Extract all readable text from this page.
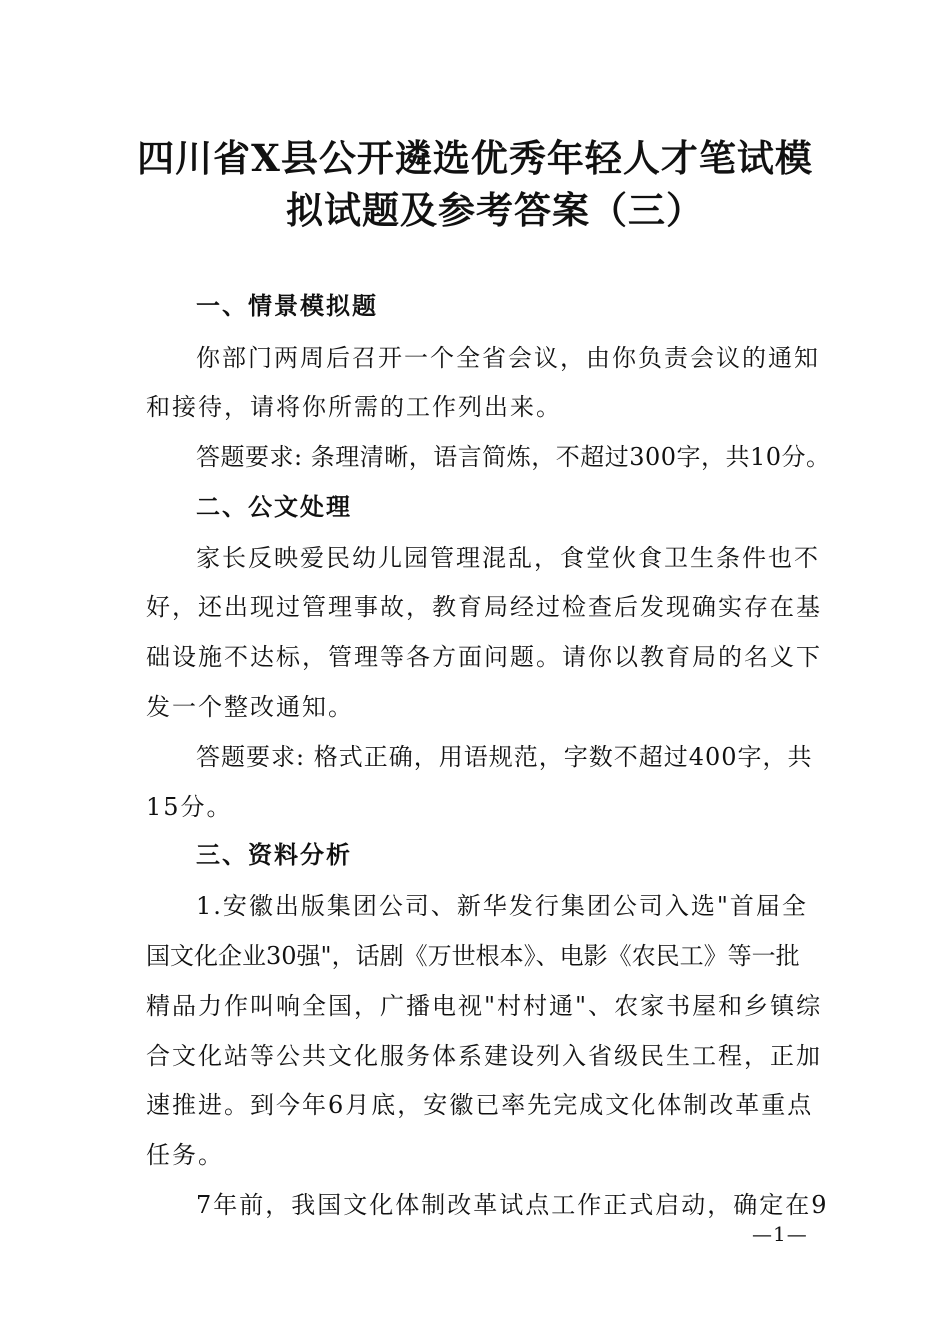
四川省X县公开遴选优秀年轻人才笔试模
拟试题及参考答案（三）
一、情景模拟题
你部门两周后召开一个全省会议，由你负责会议的通知
和接待，请将你所需的工作列出来。
答题要求: 条理清晰，语言简炼，不超过300字，共10分。
二、公文处理
家长反映爱民幼儿园管理混乱，食堂伙食卫生条件也不
好，还出现过管理事故，教育局经过检查后发现确实存在基
础设施不达标，管理等各方面问题。请你以教育局的名义下
发一个整改通知。
答题要求: 格式正确，用语规范，字数不超过400字，共
15分。
三、资料分析
1.安徽出版集团公司、新华发行集团公司入选"首届全
国文化企业30强"，话剧《万世根本》、电影《农民工》等一批
精品力作叫响全国，广播电视"村村通"、农家书屋和乡镇综
合文化站等公共文化服务体系建设列入省级民生工程，正加
速推进。到今年6月底，安徽已率先完成文化体制改革重点
任务。
7年前，我国文化体制改革试点工作正式启动，确定在9
—1—
